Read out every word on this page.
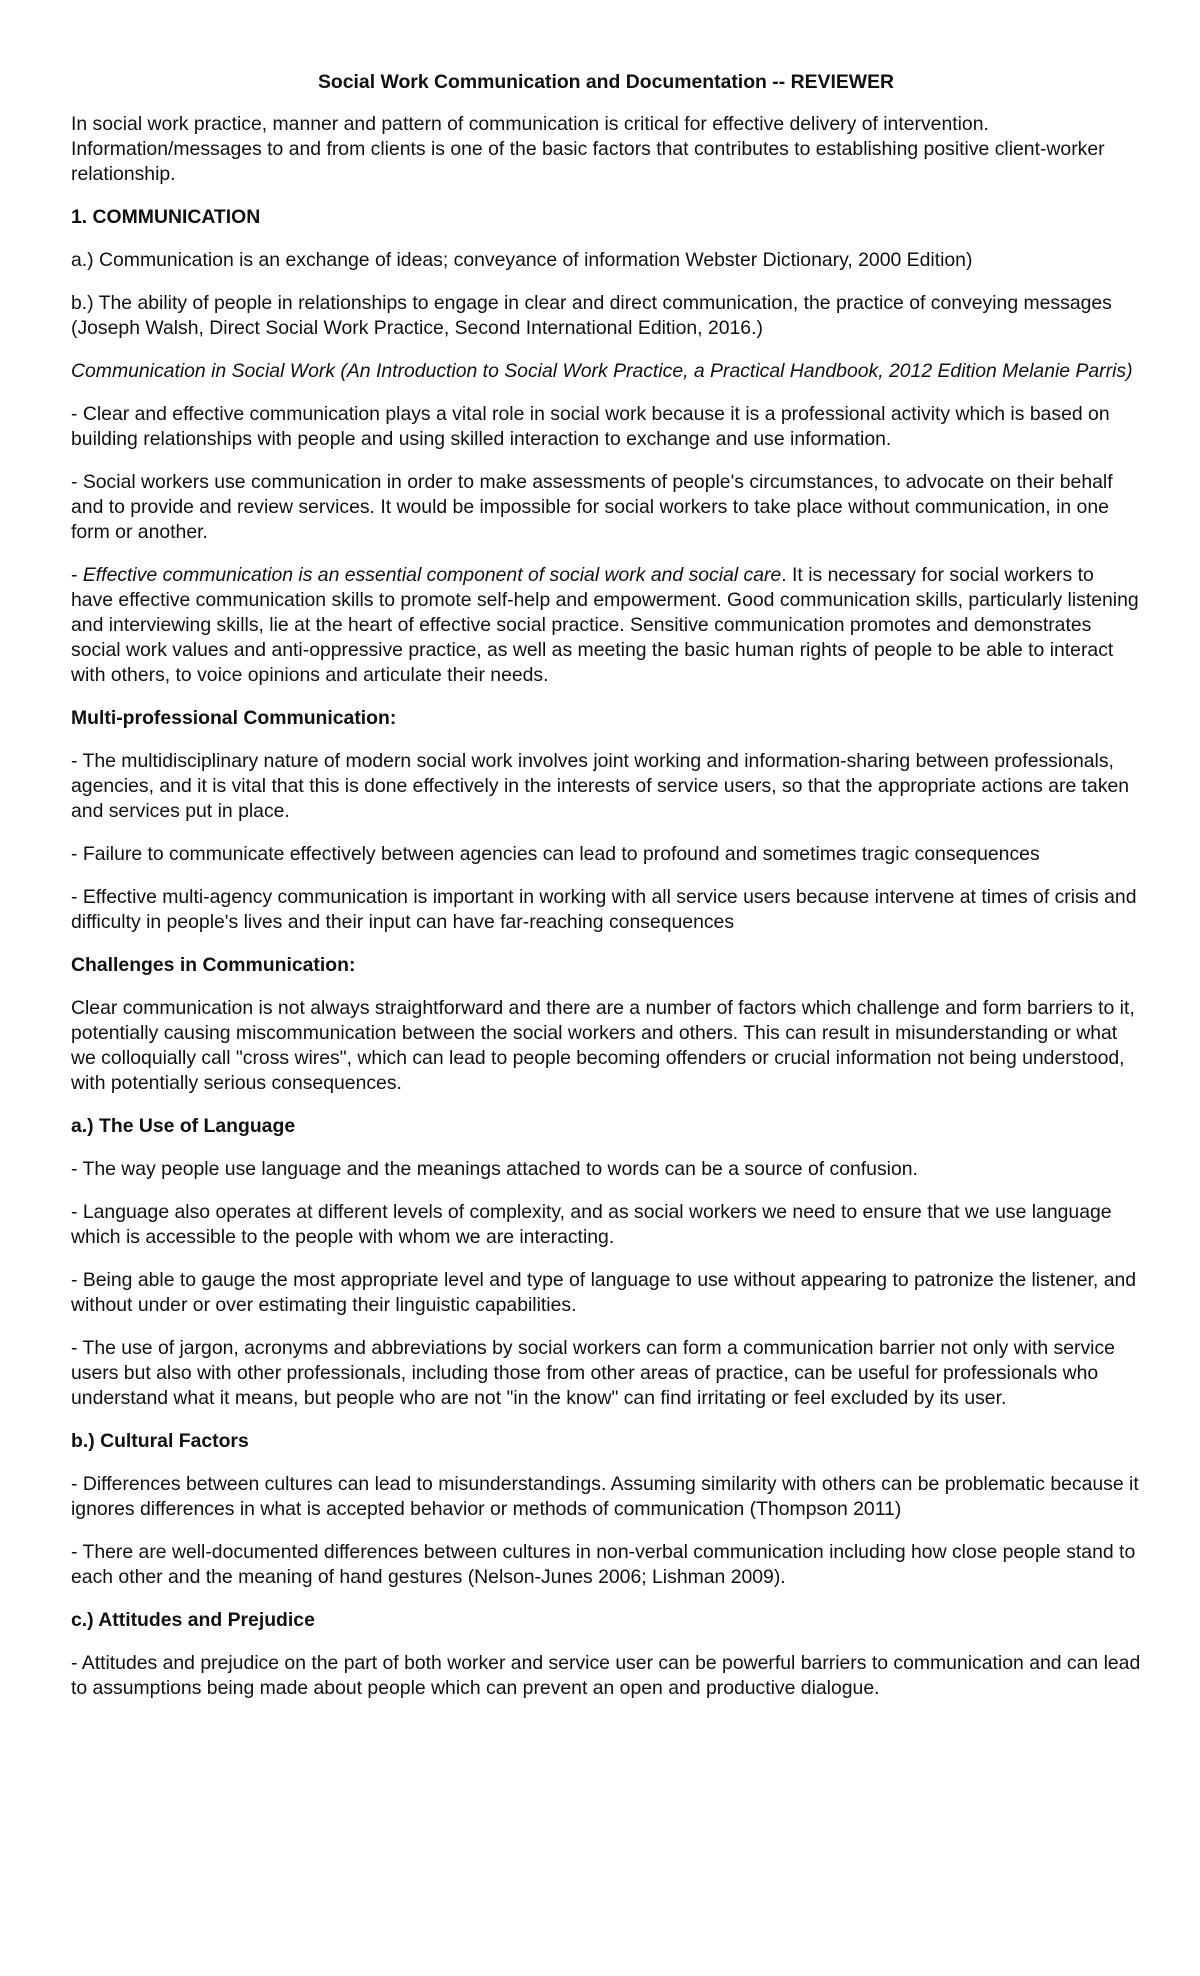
Social Work Communication and Documentation -- REVIEWER
In social work practice, manner and pattern of communication is critical for effective delivery of intervention. Information/messages to and from clients is one of the basic factors that contributes to establishing positive client-worker relationship.
1. COMMUNICATION
a.) Communication is an exchange of ideas; conveyance of information Webster Dictionary, 2000 Edition)
b.) The ability of people in relationships to engage in clear and direct communication, the practice of conveying messages (Joseph Walsh, Direct Social Work Practice, Second International Edition, 2016.)
Communication in Social Work (An Introduction to Social Work Practice, a Practical Handbook, 2012 Edition Melanie Parris)
- Clear and effective communication plays a vital role in social work because it is a professional activity which is based on building relationships with people and using skilled interaction to exchange and use information.
- Social workers use communication in order to make assessments of people's circumstances, to advocate on their behalf and to provide and review services. It would be impossible for social workers to take place without communication, in one form or another.
- Effective communication is an essential component of social work and social care. It is necessary for social workers to have effective communication skills to promote self-help and empowerment. Good communication skills, particularly listening and interviewing skills, lie at the heart of effective social practice. Sensitive communication promotes and demonstrates social work values and anti-oppressive practice, as well as meeting the basic human rights of people to be able to interact with others, to voice opinions and articulate their needs.
Multi-professional Communication:
- The multidisciplinary nature of modern social work involves joint working and information-sharing between professionals, agencies, and it is vital that this is done effectively in the interests of service users, so that the appropriate actions are taken and services put in place.
- Failure to communicate effectively between agencies can lead to profound and sometimes tragic consequences
- Effective multi-agency communication is important in working with all service users because intervene at times of crisis and difficulty in people's lives and their input can have far-reaching consequences
Challenges in Communication:
Clear communication is not always straightforward and there are a number of factors which challenge and form barriers to it, potentially causing miscommunication between the social workers and others. This can result in misunderstanding or what we colloquially call "cross wires", which can lead to people becoming offenders or crucial information not being understood, with potentially serious consequences.
a.) The Use of Language
- The way people use language and the meanings attached to words can be a source of confusion.
- Language also operates at different levels of complexity, and as social workers we need to ensure that we use language which is accessible to the people with whom we are interacting.
- Being able to gauge the most appropriate level and type of language to use without appearing to patronize the listener, and without under or over estimating their linguistic capabilities.
- The use of jargon, acronyms and abbreviations by social workers can form a communication barrier not only with service users but also with other professionals, including those from other areas of practice, can be useful for professionals who understand what it means, but people who are not "in the know" can find irritating or feel excluded by its user.
b.) Cultural Factors
- Differences between cultures can lead to misunderstandings. Assuming similarity with others can be problematic because it ignores differences in what is accepted behavior or methods of communication (Thompson 2011)
- There are well-documented differences between cultures in non-verbal communication including how close people stand to each other and the meaning of hand gestures (Nelson-Junes 2006; Lishman 2009).
c.) Attitudes and Prejudice
- Attitudes and prejudice on the part of both worker and service user can be powerful barriers to communication and can lead to assumptions being made about people which can prevent an open and productive dialogue.
